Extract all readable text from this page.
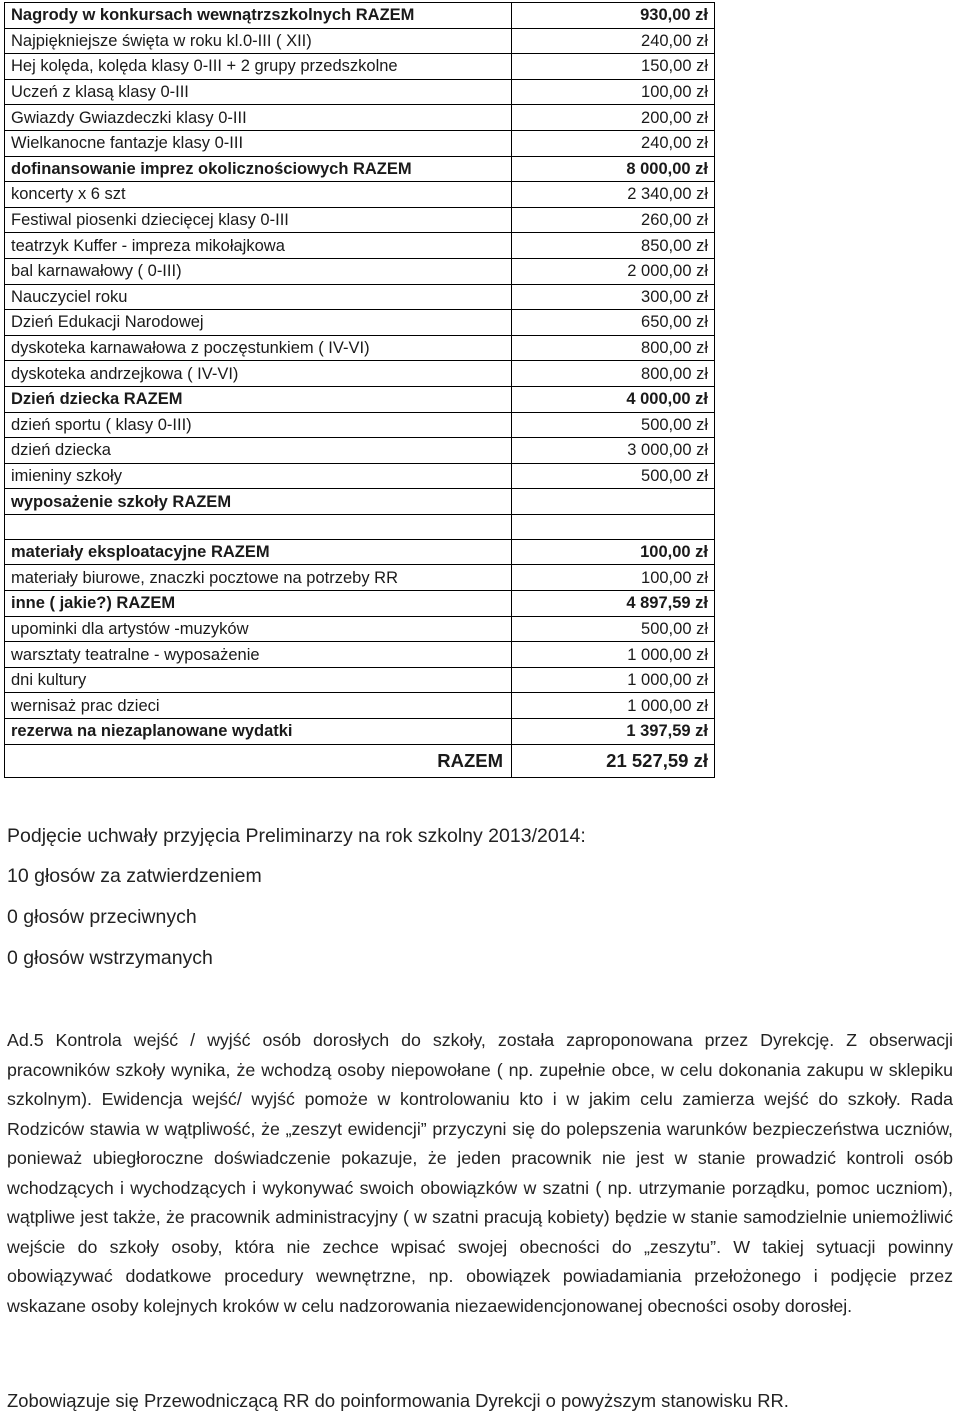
Nagrody w konkursach wewnątrzszkolnych RAZEM	930,00 zł
Najpiękniejsze święta w roku kl.0-III ( XII)	240,00 zł
Hej kolęda, kolęda klasy 0-III + 2 grupy przedszkolne	150,00 zł
Uczeń z klasą klasy 0-III	100,00 zł
Gwiazdy Gwiazdeczki klasy 0-III	200,00 zł
Wielkanocne fantazje klasy 0-III	240,00 zł
dofinansowanie imprez okolicznościowych RAZEM	8 000,00 zł
koncerty x 6 szt	2 340,00 zł
Festiwal piosenki dziecięcej klasy 0-III	260,00 zł
teatrzyk Kuffer - impreza mikołajkowa	850,00 zł
bal karnawałowy ( 0-III)	2 000,00 zł
Nauczyciel roku	300,00 zł
Dzień Edukacji Narodowej	650,00 zł
dyskoteka karnawałowa z poczęstunkiem ( IV-VI)	800,00 zł
dyskoteka andrzejkowa ( IV-VI)	800,00 zł
Dzień dziecka RAZEM	4 000,00 zł
dzień sportu ( klasy 0-III)	500,00 zł
dzień dziecka	3 000,00 zł
imieniny szkoły	500,00 zł
wyposażenie szkoły RAZEM	

materiały eksploatacyjne RAZEM	100,00 zł
materiały biurowe, znaczki pocztowe na potrzeby RR	100,00 zł
inne ( jakie?) RAZEM	4 897,59 zł
upominki dla artystów -muzyków	500,00 zł
warsztaty teatralne - wyposażenie	1 000,00 zł
dni kultury	1 000,00 zł
wernisaż prac dzieci	1 000,00 zł
rezerwa na niezaplanowane wydatki	1 397,59 zł
RAZEM	21 527,59 zł
Podjęcie uchwały przyjęcia Preliminarzy na rok szkolny 2013/2014:
10 głosów za zatwierdzeniem
0 głosów przeciwnych
0 głosów wstrzymanych
Ad.5 Kontrola wejść / wyjść osób dorosłych do szkoły, została zaproponowana przez Dyrekcję. Z obserwacji pracowników szkoły wynika, że wchodzą osoby niepowołane ( np. zupełnie obce, w celu dokonania zakupu w sklepiku szkolnym). Ewidencja wejść/ wyjść pomoże w kontrolowaniu kto i w jakim celu zamierza wejść do szkoły. Rada Rodziców stawia w wątpliwość, że „zeszyt ewidencji” przyczyni się do polepszenia warunków bezpieczeństwa uczniów, ponieważ ubiegłoroczne doświadczenie pokazuje, że jeden pracownik nie jest w stanie prowadzić kontroli osób wchodzących i wychodzących i wykonywać swoich obowiązków w szatni ( np. utrzymanie porządku, pomoc uczniom), wątpliwe jest także, że pracownik administracyjny ( w szatni pracują kobiety) będzie w stanie samodzielnie uniemożliwić wejście do szkoły osoby, która nie zechce wpisać swojej obecności do „zeszytu”. W takiej sytuacji powinny obowiązywać dodatkowe procedury wewnętrzne, np. obowiązek powiadamiania przełożonego i podjęcie przez wskazane osoby kolejnych kroków w celu nadzorowania niezaewidencjonowanej obecności osoby dorosłej.
Zobowiązuje się Przewodniczącą RR do poinformowania Dyrekcji o powyższym stanowisku RR.
